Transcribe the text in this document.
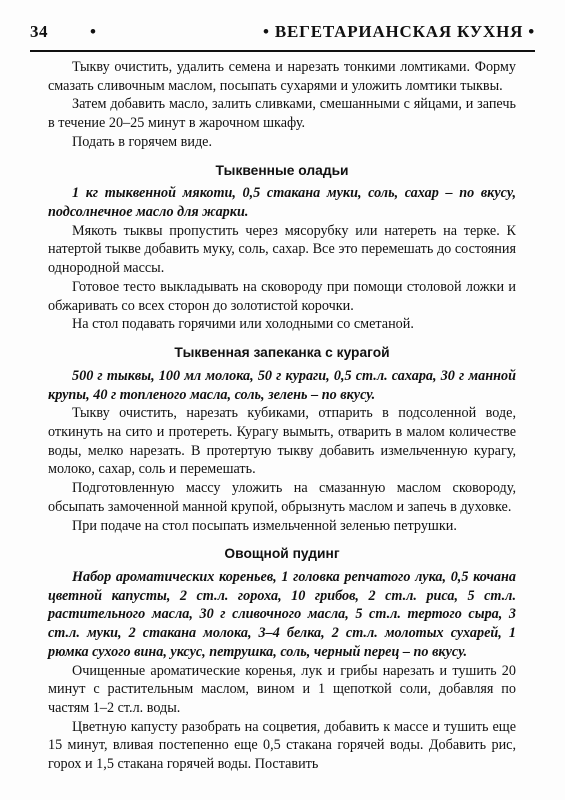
34 •	• ВЕГЕТАРИАНСКАЯ КУХНЯ •

Тыкву очистить, удалить семена и нарезать тонкими ломтиками. Форму смазать сливочным маслом, посыпать сухарями и уложить ломтики тыквы.

Затем добавить масло, залить сливками, смешанными с яйцами, и запечь в течение 20–25 минут в жарочном шкафу.

Подать в горячем виде.

Тыквенные оладьи

1 кг тыквенной мякоти, 0,5 стакана муки, соль, сахар – по вкусу, подсолнечное масло для жарки.

Мякоть тыквы пропустить через мясорубку или натереть на терке. К натертой тыкве добавить муку, соль, сахар. Все это перемешать до состояния однородной массы.

Готовое тесто выкладывать на сковороду при помощи столовой ложки и обжаривать со всех сторон до золотистой корочки.

На стол подавать горячими или холодными со сметаной.

Тыквенная запеканка с курагой

500 г тыквы, 100 мл молока, 50 г кураги, 0,5 ст.л. сахара, 30 г манной крупы, 40 г топленого масла, соль, зелень – по вкусу.

Тыкву очистить, нарезать кубиками, отпарить в подсоленной воде, откинуть на сито и протереть. Курагу вымыть, отварить в малом количестве воды, мелко нарезать. В протертую тыкву добавить измельченную курагу, молоко, сахар, соль и перемешать.

Подготовленную массу уложить на смазанную маслом сковороду, обсыпать замоченной манной крупой, обрызнуть маслом и запечь в духовке.

При подаче на стол посыпать измельченной зеленью петрушки.

Овощной пудинг

Набор ароматических кореньев, 1 головка репчатого лука, 0,5 кочана цветной капусты, 2 ст.л. гороха, 10 грибов, 2 ст.л. риса, 5 ст.л. растительного масла, 30 г сливочного масла, 5 ст.л. тертого сыра, 3 ст.л. муки, 2 стакана молока, 3–4 белка, 2 ст.л. молотых сухарей, 1 рюмка сухого вина, уксус, петрушка, соль, черный перец – по вкусу.

Очищенные ароматические коренья, лук и грибы нарезать и тушить 20 минут с растительным маслом, вином и 1 щепоткой соли, добавляя по частям 1–2 ст.л. воды.

Цветную капусту разобрать на соцветия, добавить к массе и тушить еще 15 минут, вливая постепенно еще 0,5 стакана горячей воды. Добавить рис, горох и 1,5 стакана горячей воды. Поставить
